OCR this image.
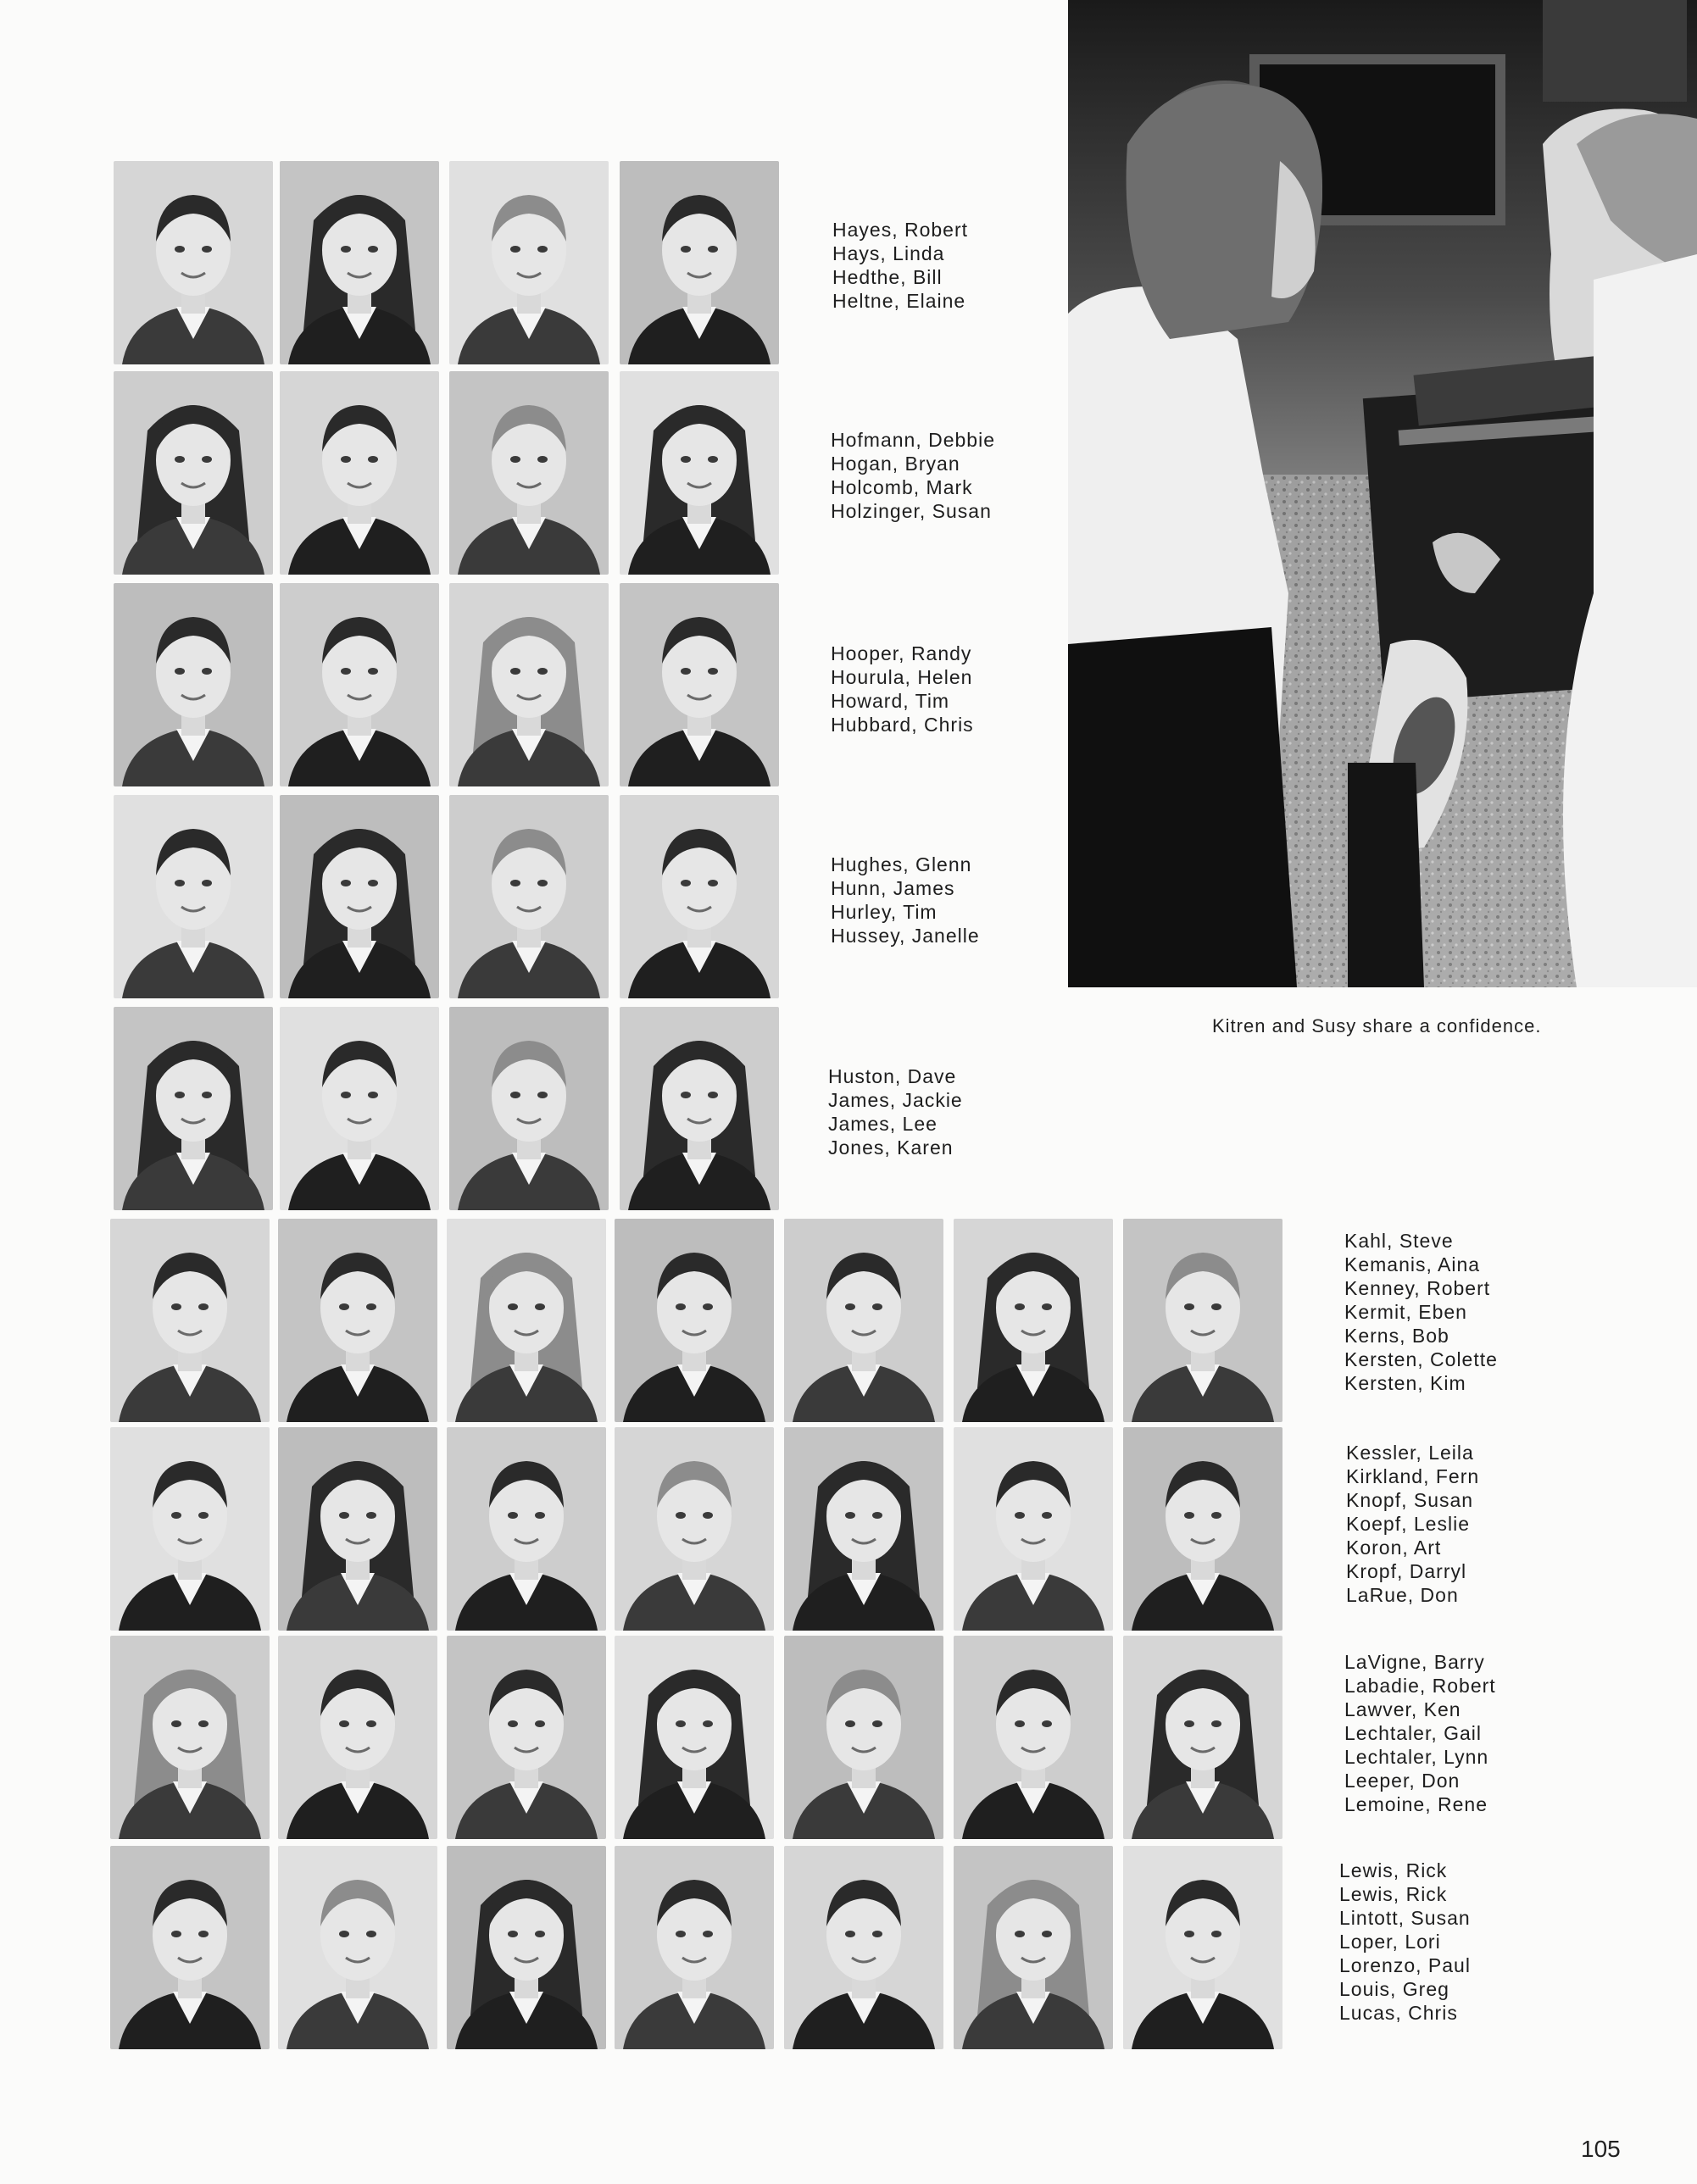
Hayes, Robert
Hays, Linda
Hedthe, Bill
Heltne, Elaine
Hofmann, Debbie
Hogan, Bryan
Holcomb, Mark
Holzinger, Susan
Hooper, Randy
Hourula, Helen
Howard, Tim
Hubbard, Chris
Hughes, Glenn
Hunn, James
Hurley, Tim
Hussey, Janelle
Huston, Dave
James, Jackie
James, Lee
Jones, Karen
Kahl, Steve
Kemanis, Aina
Kenney, Robert
Kermit, Eben
Kerns, Bob
Kersten, Colette
Kersten, Kim
Kessler, Leila
Kirkland, Fern
Knopf, Susan
Koepf, Leslie
Koron, Art
Kropf, Darryl
LaRue, Don
LaVigne, Barry
Labadie, Robert
Lawver, Ken
Lechtaler, Gail
Lechtaler, Lynn
Leeper, Don
Lemoine, Rene
Lewis, Rick
Lewis, Rick
Lintott, Susan
Loper, Lori
Lorenzo, Paul
Louis, Greg
Lucas, Chris
Kitren and Susy share a confidence.
105
